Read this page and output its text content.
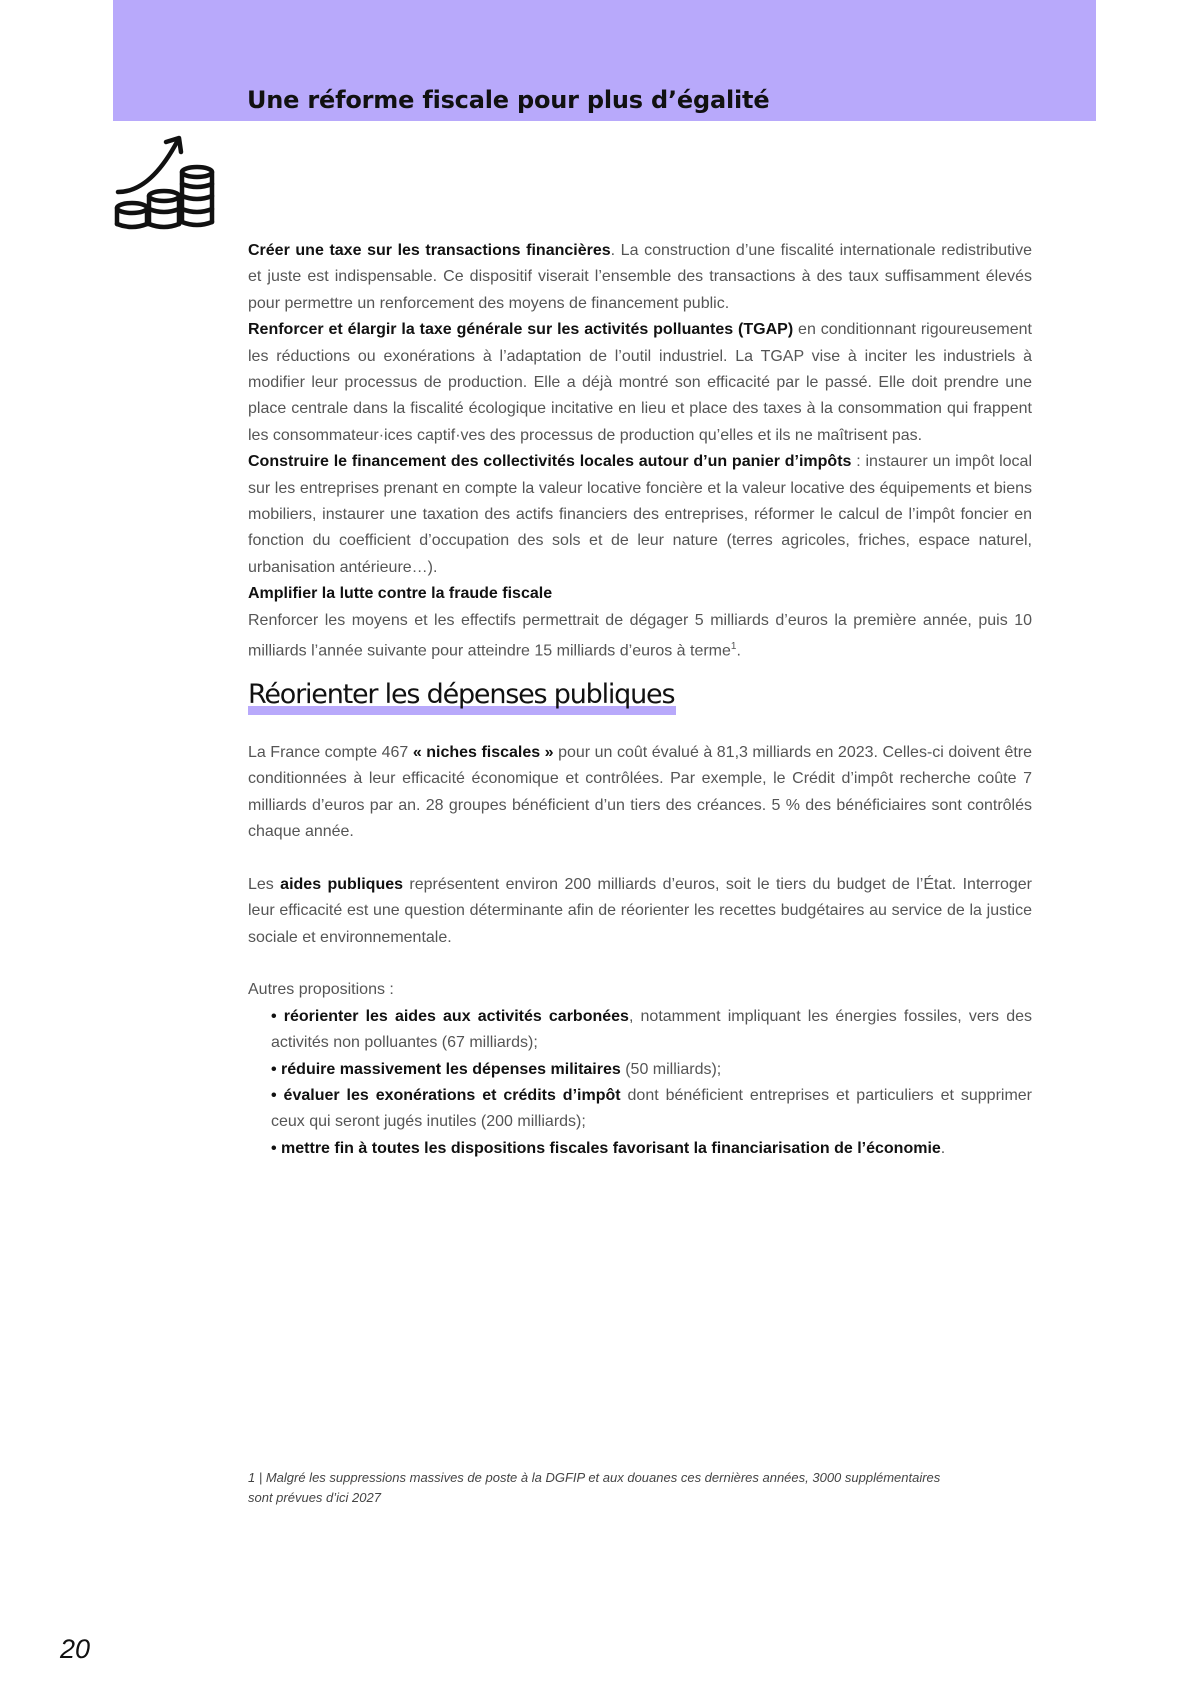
Une réforme fiscale pour plus d’égalité

Créer une taxe sur les transactions financières. La construction d’une fiscalité internationale redistributive et juste est indispensable. Ce dispositif viserait l’ensemble des transactions à des taux suffisamment élevés pour permettre un renforcement des moyens de financement public.

Renforcer et élargir la taxe générale sur les activités polluantes (TGAP) en conditionnant rigoureusement les réductions ou exonérations à l’adaptation de l’outil industriel. La TGAP vise à inciter les industriels à modifier leur processus de production. Elle a déjà montré son efficacité par le passé. Elle doit prendre une place centrale dans la fiscalité écologique incitative en lieu et place des taxes à la consommation qui frappent les consommateur·ices captif·ves des processus de production qu’elles et ils ne maîtrisent pas.

Construire le financement des collectivités locales autour d’un panier d’impôts : instaurer un impôt local sur les entreprises prenant en compte la valeur locative foncière et la valeur locative des équipements et biens mobiliers, instaurer une taxation des actifs financiers des entreprises, réformer le calcul de l’impôt foncier en fonction du coefficient d’occupation des sols et de leur nature (terres agricoles, friches, espace naturel, urbanisation antérieure…).

Amplifier la lutte contre la fraude fiscale

Renforcer les moyens et les effectifs permettrait de dégager 5 milliards d’euros la première année, puis 10 milliards l’année suivante pour atteindre 15 milliards d’euros à terme$^1$.

Réorienter les dépenses publiques

La France compte 467 « niches fiscales » pour un coût évalué à 81,3 milliards en 2023. Celles-ci doivent être conditionnées à leur efficacité économique et contrôlées. Par exemple, le Crédit d’impôt recherche coûte 7 milliards d’euros par an. 28 groupes bénéficient d’un tiers des créances. 5 % des bénéficiaires sont contrôlés chaque année.

Les aides publiques représentent environ 200 milliards d’euros, soit le tiers du budget de l’État. Interroger leur efficacité est une question déterminante afin de réorienter les recettes budgétaires au service de la justice sociale et environnementale.

Autres propositions :

• réorienter les aides aux activités carbonées, notamment impliquant les énergies fossiles, vers des activités non polluantes (67 milliards);
• réduire massivement les dépenses militaires (50 milliards);
• évaluer les exonérations et crédits d’impôt dont bénéficient entreprises et particuliers et supprimer ceux qui seront jugés inutiles (200 milliards);
• mettre fin à toutes les dispositions fiscales favorisant la financiarisation de l’économie.
1 | Malgré les suppressions massives de poste à la DGFIP et aux douanes ces dernières années, 3000 supplémentaires sont prévues d’ici 2027
20
